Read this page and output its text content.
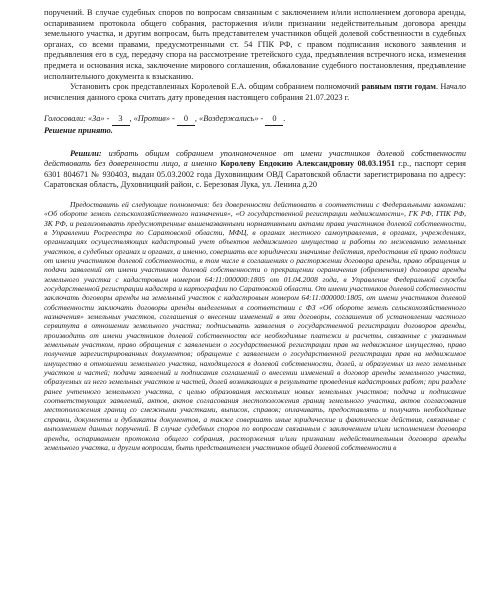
поручений. В случае судебных споров по вопросам связанным с заключением и/или исполнением договора аренды, оспариванием протокола общего собрания, расторжения и/или признании недействительным договора аренды земельного участка, и другим вопросам, быть представителем участников общей долевой собственности в судебных органах, со всеми правами, предусмотренными ст. 54 ГПК РФ, с правом подписания искового заявления и предъявления его в суд, передачу спора на рассмотрение третейского суда, предъявления встречного иска, изменения предмета и основания иска, заключение мирового соглашения, обжалование судебного постановления, предъявление исполнительного документа к взысканию.

Установить срок представленных Королевой Е.А. общим собранием полномочий равным пяти годам. Начало исчисления данного срока считать дату проведения настоящего собрания 21.07.2023 г.

Голосовали: «За» - 3 , «Против» - 0 , «Воздержались» - 0 .

Решение принято.

Решили: избрать общим собранием уполномоченное от имени участников долевой собственности действовать без доверенности лицо, а именно Королеву Евдокию Александровну 08.03.1951 г.р., паспорт серия 6301 804671 № 930403, выдан 05.03.2002 года Духовницким ОВД Саратовской области зарегистрирована по адресу: Саратовская область, Духовницкий район, с. Березовая Лука, ул. Ленина д.20

Предоставить ей следующие полномочия: без доверенности действовать в соответствии с Федеральными законами: «Об обороте земель сельскохозяйственного назначения», «О государственной регистрации недвижимости», ГК РФ, ГПК РФ, ЗК РФ, и реализовывать предусмотренные вышеназванными нормативными актами права участников долевой собственности, в Управлении Росреестра по Саратовской области, МФЦ, в органах местного самоуправления, в органах, учреждениях, организациях осуществляющих кадастровый учет объектов недвижимого имущества и работы по межеванию земельных участков, в судебных органах и органах, а именно, совершать все юридически значимые действия, предоставив ей право подписи от имени участников долевой собственности, в том числе в соглашениях о расторжении договора аренды, право обращения и подачи заявлений от имени участников долевой собственности о прекращении ограничения (обременения) договора аренды земельного участка с кадастровым номером 64:11:000000:1805 от 01.04.2008 года, в Управление Федеральной службы государственной регистрации кадастра и картографии по Саратовской области. От имени участников долевой собственности заключать договоры аренды на земельный участок с кадастровым номером 64:11:000000:1805, от имени участников долевой собственности заключать договоры аренды выделенных в соответствии с ФЗ «Об обороте земель сельскохозяйственного назначения» земельных участков, соглашения о внесении изменений в эти договоры, соглашения об установлении частного сервитута в отношении земельного участка; подписывать заявления о государственной регистрации договоров аренды, производить от имени участников долевой собственности все необходимые платежи и расчеты, связанные с указанным земельным участком, право обращения с заявлением о государственной регистрации прав на недвижимое имущество, право получения зарегистрированных документов; обращение с заявлением о государственной регистрации прав на недвижимое имущество в отношении земельного участка, находящегося в долевой собственности, долей, и образуемых из него земельных участков и частей; подачи заявлений и подписания соглашений о внесении изменений в договор аренды земельного участка, образуемых из него земельных участков и частей, долей возникающих в результате проведения кадастровых работ; при разделе ранее учтенного земельного участка, с целью образования нескольких новых земельных участков; подача и подписание соответствующих заявлений, актов, актов согласования местоположения границ земельного участка, актов согласования местоположения границ со смежными участками, выписок, справок; оплачивать, предоставлять и получать необходимые справки, документы и дубликаты документов, а также совершать иные юридические и фактические действия, связанные с выполнением данных поручений. В случае судебных споров по вопросам связанным с заключением и/или исполнением договора аренды, оспариванием протокола общего собрания, расторжения и/или признании недействительным договора аренды земельного участка, и другим вопросам, быть представителем участников общей долевой собственности в
